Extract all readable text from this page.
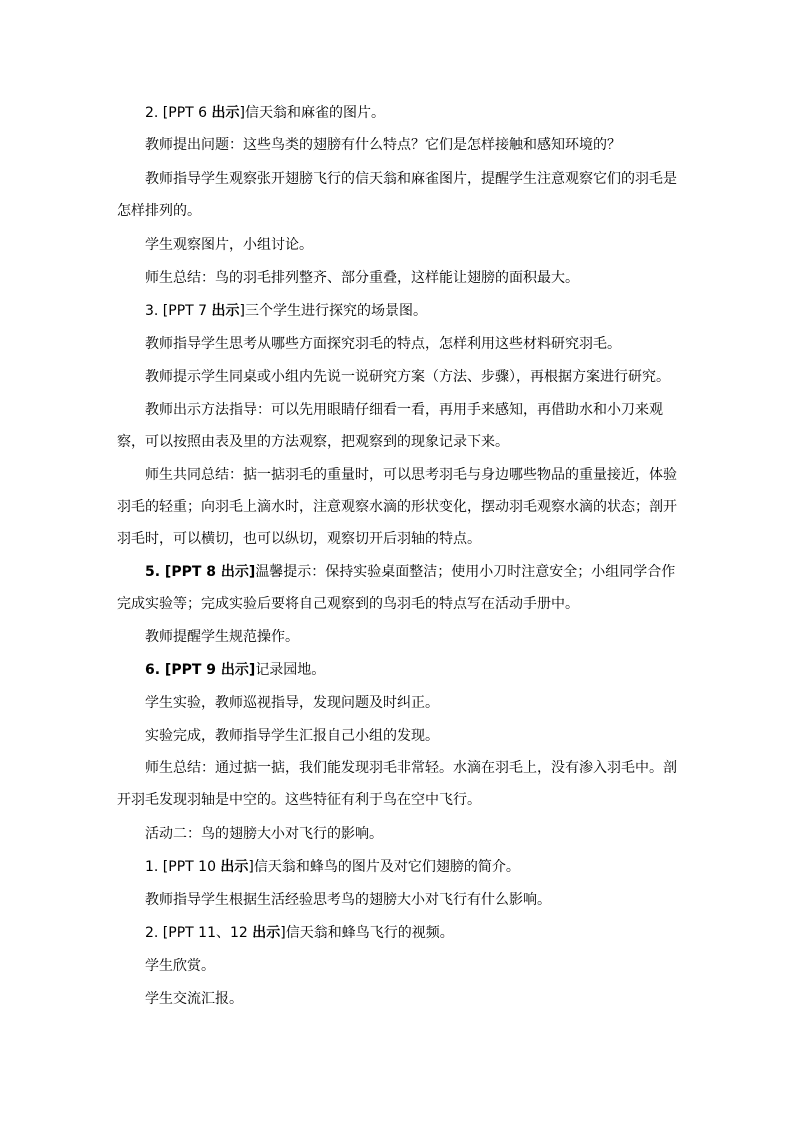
2. [PPT 6 出示]信天翁和麻雀的图片。
教师提出问题：这些鸟类的翅膀有什么特点？它们是怎样接触和感知环境的？
教师指导学生观察张开翅膀飞行的信天翁和麻雀图片，提醒学生注意观察它们的羽毛是怎样排列的。
学生观察图片，小组讨论。
师生总结：鸟的羽毛排列整齐、部分重叠，这样能让翅膀的面积最大。
3. [PPT 7 出示]三个学生进行探究的场景图。
教师指导学生思考从哪些方面探究羽毛的特点，怎样利用这些材料研究羽毛。
教师提示学生同桌或小组内先说一说研究方案（方法、步骤），再根据方案进行研究。
教师出示方法指导：可以先用眼睛仔细看一看，再用手来感知，再借助水和小刀来观察，可以按照由表及里的方法观察，把观察到的现象记录下来。
师生共同总结：掂一掂羽毛的重量时，可以思考羽毛与身边哪些物品的重量接近，体验羽毛的轻重；向羽毛上滴水时，注意观察水滴的形状变化，摆动羽毛观察水滴的状态；剖开羽毛时，可以横切，也可以纵切，观察切开后羽轴的特点。
5. [PPT 8 出示]温馨提示：保持实验桌面整洁；使用小刀时注意安全；小组同学合作完成实验等；完成实验后要将自己观察到的鸟羽毛的特点写在活动手册中。
教师提醒学生规范操作。
6. [PPT 9 出示]记录园地。
学生实验，教师巡视指导，发现问题及时纠正。
实验完成，教师指导学生汇报自己小组的发现。
师生总结：通过掂一掂，我们能发现羽毛非常轻。水滴在羽毛上，没有渗入羽毛中。剖开羽毛发现羽轴是中空的。这些特征有利于鸟在空中飞行。
活动二：鸟的翅膀大小对飞行的影响。
1. [PPT 10 出示]信天翁和蜂鸟的图片及对它们翅膀的简介。
教师指导学生根据生活经验思考鸟的翅膀大小对飞行有什么影响。
2. [PPT 11、12 出示]信天翁和蜂鸟飞行的视频。
学生欣赏。
学生交流汇报。
